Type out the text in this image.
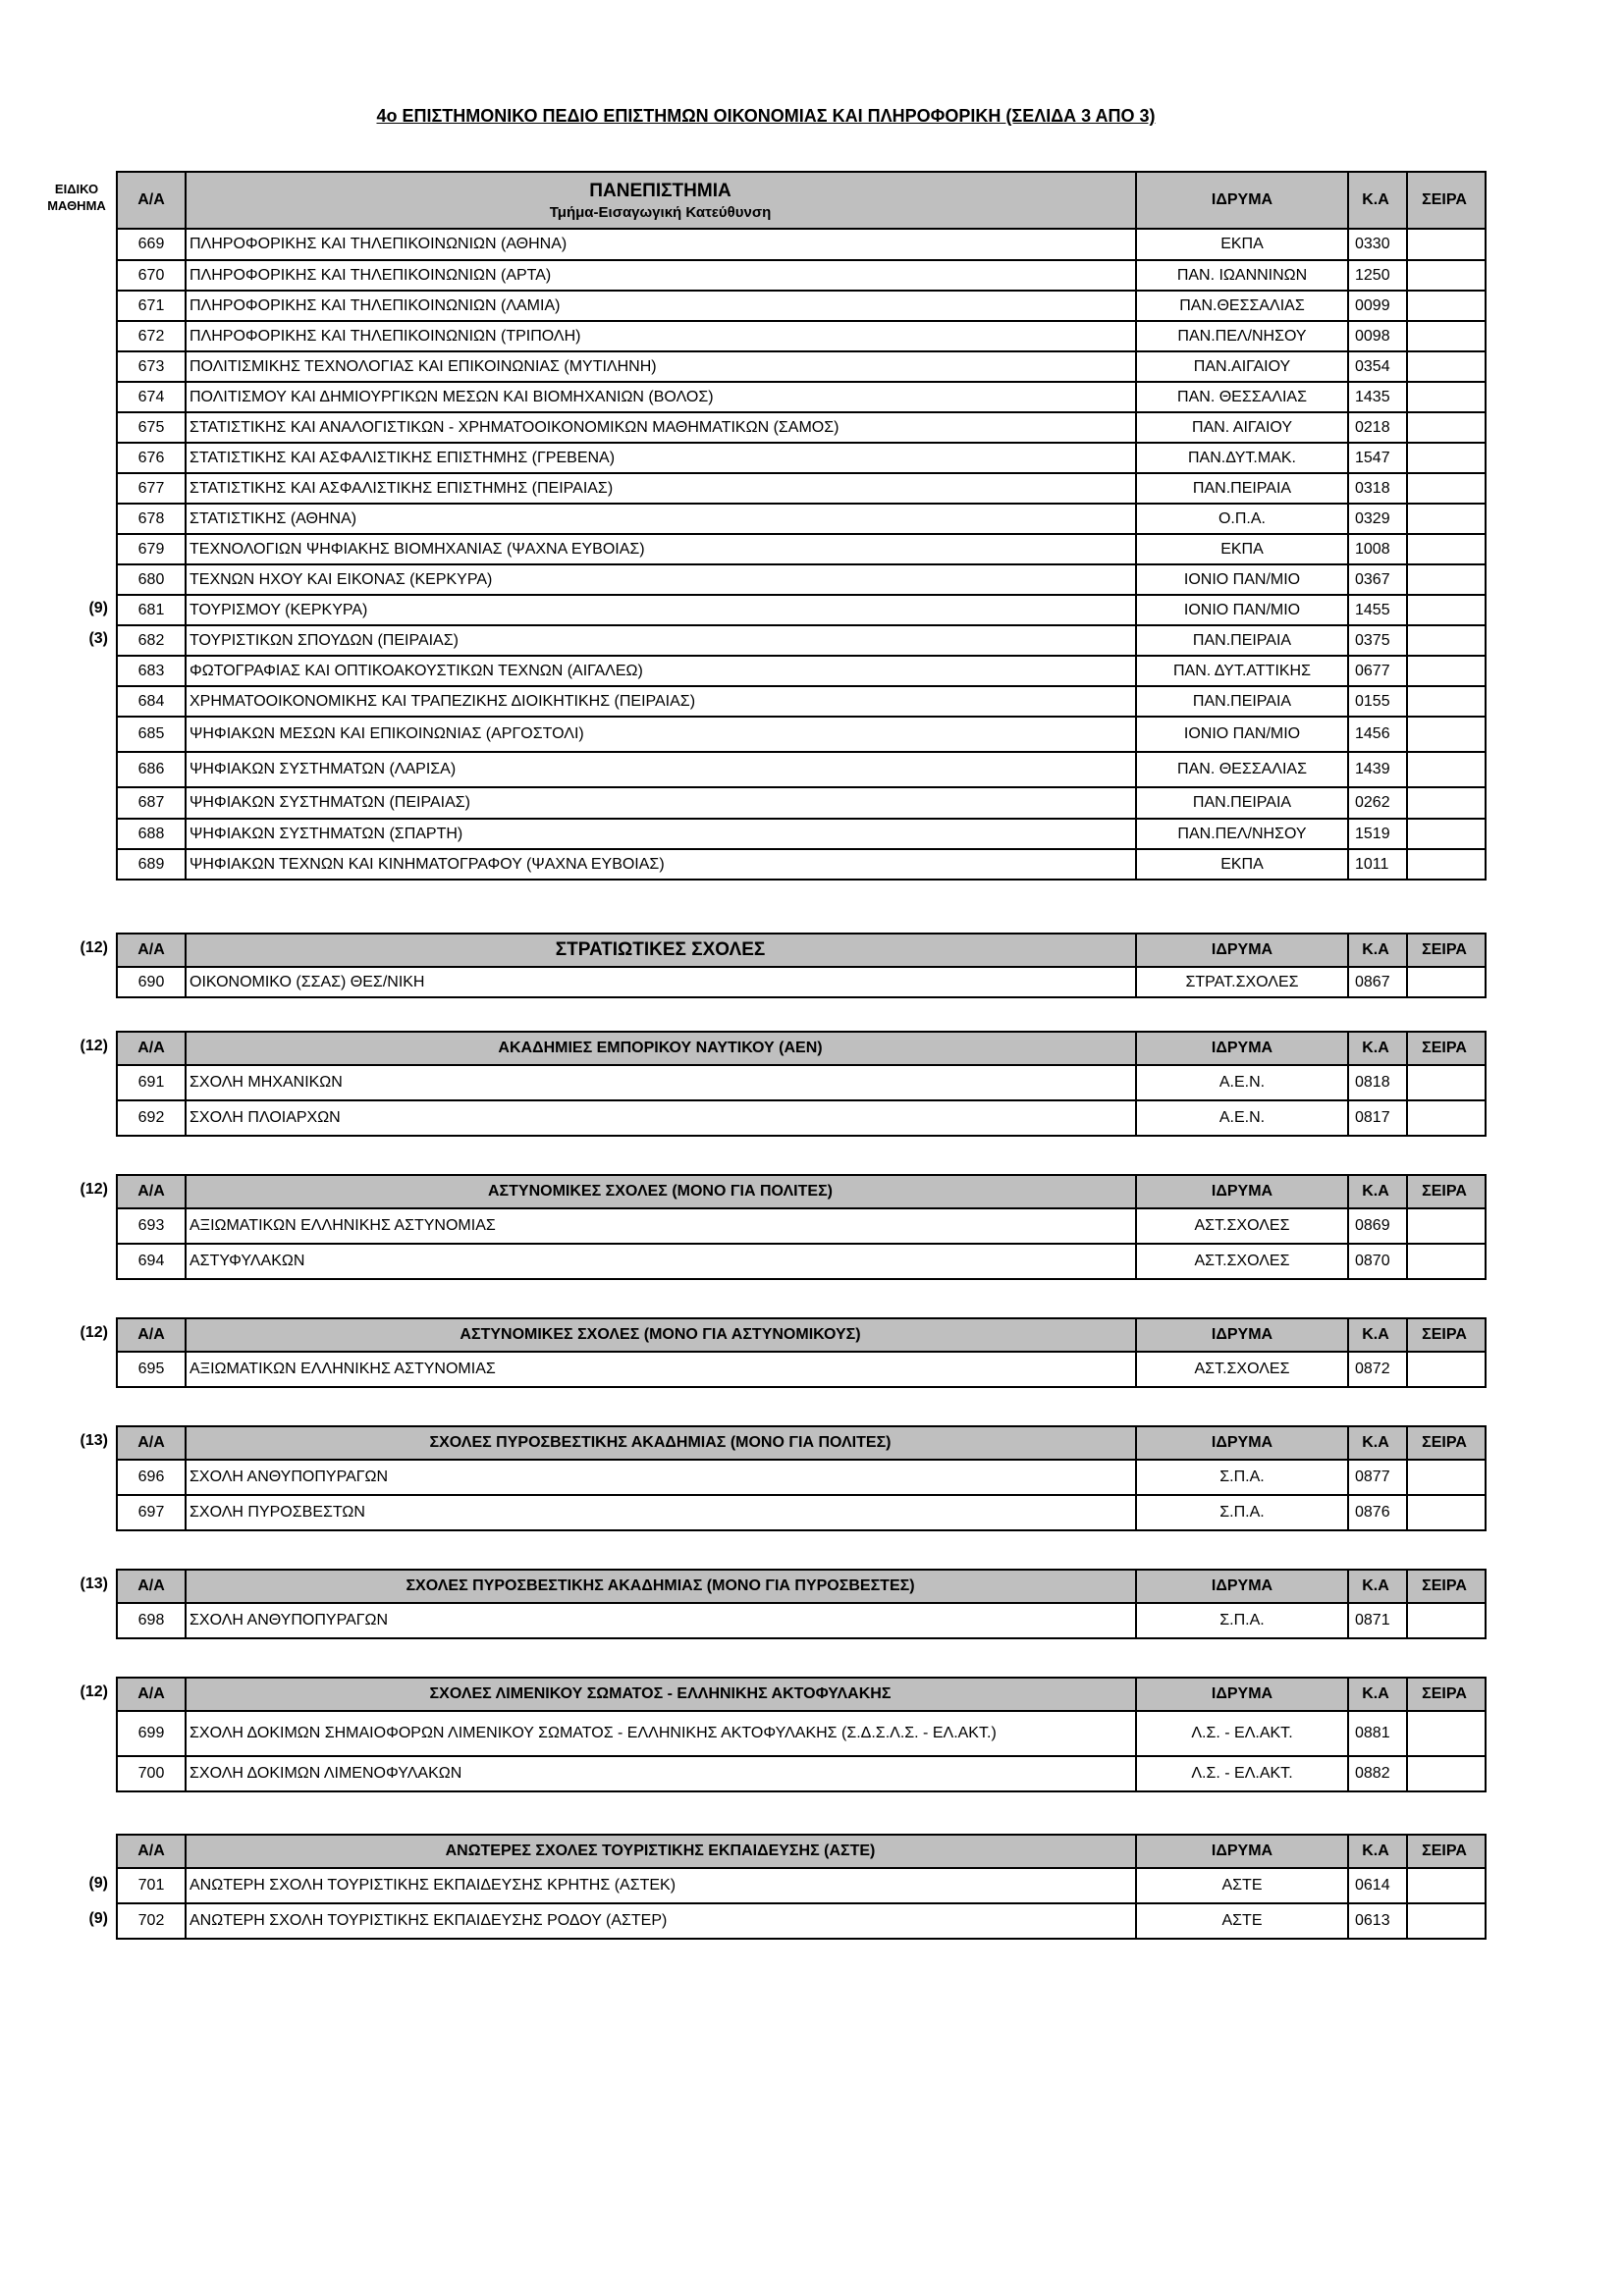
4ο ΕΠΙΣΤΗΜΟΝΙΚΟ ΠΕΔΙΟ ΕΠΙΣΤΗΜΩΝ ΟΙΚΟΝΟΜΙΑΣ ΚΑΙ ΠΛΗΡΟΦΟΡΙΚΗ (ΣΕΛΙΔΑ 3 ΑΠΟ 3)
ΕΙΔΙΚΟ
ΜΑΘΗΜΑ
(9)
(3)
Α/Α	ΠΑΝΕΠΙΣΤΗΜΙΑ
Τμήμα-Εισαγωγική Κατεύθυνση	ΙΔΡΥΜΑ	Κ.Α	ΣΕΙΡΑ
669	ΠΛΗΡΟΦΟΡΙΚΗΣ ΚΑΙ ΤΗΛΕΠΙΚΟΙΝΩΝΙΩΝ (ΑΘΗΝΑ)	ΕΚΠΑ	0330	
670	ΠΛΗΡΟΦΟΡΙΚΗΣ ΚΑΙ ΤΗΛΕΠΙΚΟΙΝΩΝΙΩΝ (ΑΡΤΑ)	ΠΑΝ. ΙΩΑΝΝΙΝΩΝ	1250	
671	ΠΛΗΡΟΦΟΡΙΚΗΣ ΚΑΙ ΤΗΛΕΠΙΚΟΙΝΩΝΙΩΝ (ΛΑΜΙΑ)	ΠΑΝ.ΘΕΣΣΑΛΙΑΣ	0099	
672	ΠΛΗΡΟΦΟΡΙΚΗΣ ΚΑΙ ΤΗΛΕΠΙΚΟΙΝΩΝΙΩΝ (ΤΡΙΠΟΛΗ)	ΠΑΝ.ΠΕΛ/ΝΗΣΟΥ	0098	
673	ΠΟΛΙΤΙΣΜΙΚΗΣ ΤΕΧΝΟΛΟΓΙΑΣ ΚΑΙ ΕΠΙΚΟΙΝΩΝΙΑΣ (ΜΥΤΙΛΗΝΗ)	ΠΑΝ.ΑΙΓΑΙΟΥ	0354	
674	ΠΟΛΙΤΙΣΜΟΥ ΚΑΙ ΔΗΜΙΟΥΡΓΙΚΩΝ ΜΕΣΩΝ ΚΑΙ ΒΙΟΜΗΧΑΝΙΩΝ (ΒΟΛΟΣ)	ΠΑΝ. ΘΕΣΣΑΛΙΑΣ	1435	
675	ΣΤΑΤΙΣΤΙΚΗΣ ΚΑΙ ΑΝΑΛΟΓΙΣΤΙΚΩΝ - ΧΡΗΜΑΤΟΟΙΚΟΝΟΜΙΚΩΝ ΜΑΘΗΜΑΤΙΚΩΝ (ΣΑΜΟΣ)	ΠΑΝ. ΑΙΓΑΙΟΥ	0218	
676	ΣΤΑΤΙΣΤΙΚΗΣ ΚΑΙ ΑΣΦΑΛΙΣΤΙΚΗΣ ΕΠΙΣΤΗΜΗΣ (ΓΡΕΒΕΝΑ)	ΠΑΝ.ΔΥΤ.ΜΑΚ.	1547	
677	ΣΤΑΤΙΣΤΙΚΗΣ ΚΑΙ ΑΣΦΑΛΙΣΤΙΚΗΣ ΕΠΙΣΤΗΜΗΣ (ΠΕΙΡΑΙΑΣ)	ΠΑΝ.ΠΕΙΡΑΙΑ	0318	
678	ΣΤΑΤΙΣΤΙΚΗΣ (ΑΘΗΝΑ)	Ο.Π.Α.	0329	
679	ΤΕΧΝΟΛΟΓΙΩΝ ΨΗΦΙΑΚΗΣ ΒΙΟΜΗΧΑΝΙΑΣ (ΨΑΧΝΑ ΕΥΒΟΙΑΣ)	ΕΚΠΑ	1008	
680	ΤΕΧΝΩΝ ΗΧΟΥ ΚΑΙ ΕΙΚΟΝΑΣ (ΚΕΡΚΥΡΑ)	ΙΟΝΙΟ ΠΑΝ/ΜΙΟ	0367	
681	ΤΟΥΡΙΣΜΟΥ (ΚΕΡΚΥΡΑ)	ΙΟΝΙΟ ΠΑΝ/ΜΙΟ	1455	
682	ΤΟΥΡΙΣΤΙΚΩΝ ΣΠΟΥΔΩΝ (ΠΕΙΡΑΙΑΣ)	ΠΑΝ.ΠΕΙΡΑΙΑ	0375	
683	ΦΩΤΟΓΡΑΦΙΑΣ ΚΑΙ ΟΠΤΙΚΟΑΚΟΥΣΤΙΚΩΝ ΤΕΧΝΩΝ (ΑΙΓΑΛΕΩ)	ΠΑΝ. ΔΥΤ.ΑΤΤΙΚΗΣ	0677	
684	ΧΡΗΜΑΤΟΟΙΚΟΝΟΜΙΚΗΣ ΚΑΙ ΤΡΑΠΕΖΙΚΗΣ ΔΙΟΙΚΗΤΙΚΗΣ (ΠΕΙΡΑΙΑΣ)	ΠΑΝ.ΠΕΙΡΑΙΑ	0155	
685	ΨΗΦΙΑΚΩΝ ΜΕΣΩΝ ΚΑΙ ΕΠΙΚΟΙΝΩΝΙΑΣ (ΑΡΓΟΣΤΟΛΙ)	ΙΟΝΙΟ ΠΑΝ/ΜΙΟ	1456	
686	ΨΗΦΙΑΚΩΝ ΣΥΣΤΗΜΑΤΩΝ (ΛΑΡΙΣΑ)	ΠΑΝ. ΘΕΣΣΑΛΙΑΣ	1439	
687	ΨΗΦΙΑΚΩΝ ΣΥΣΤΗΜΑΤΩΝ (ΠΕΙΡΑΙΑΣ)	ΠΑΝ.ΠΕΙΡΑΙΑ	0262	
688	ΨΗΦΙΑΚΩΝ ΣΥΣΤΗΜΑΤΩΝ (ΣΠΑΡΤΗ)	ΠΑΝ.ΠΕΛ/ΝΗΣΟΥ	1519	
689	ΨΗΦΙΑΚΩΝ ΤΕΧΝΩΝ ΚΑΙ ΚΙΝΗΜΑΤΟΓΡΑΦΟΥ (ΨΑΧΝΑ ΕΥΒΟΙΑΣ)	ΕΚΠΑ	1011	
(12) Α/Α	ΣΤΡΑΤΙΩΤΙΚΕΣ ΣΧΟΛΕΣ	ΙΔΡΥΜΑ	Κ.Α	ΣΕΙΡΑ
690	ΟΙΚΟΝΟΜΙΚΟ (ΣΣΑΣ) ΘΕΣ/ΝΙΚΗ	ΣΤΡΑΤ.ΣΧΟΛΕΣ	0867	
(12) Α/Α	ΑΚΑΔΗΜΙΕΣ ΕΜΠΟΡΙΚΟΥ ΝΑΥΤΙΚΟΥ (ΑΕΝ)	ΙΔΡΥΜΑ	Κ.Α	ΣΕΙΡΑ
691	ΣΧΟΛΗ ΜΗΧΑΝΙΚΩΝ	Α.Ε.Ν.	0818	
692	ΣΧΟΛΗ ΠΛΟΙΑΡΧΩΝ	Α.Ε.Ν.	0817	
(12) Α/Α	ΑΣΤΥΝΟΜΙΚΕΣ ΣΧΟΛΕΣ (ΜΟΝΟ ΓΙΑ ΠΟΛΙΤΕΣ)	ΙΔΡΥΜΑ	Κ.Α	ΣΕΙΡΑ
693	ΑΞΙΩΜΑΤΙΚΩΝ ΕΛΛΗΝΙΚΗΣ ΑΣΤΥΝΟΜΙΑΣ	ΑΣΤ.ΣΧΟΛΕΣ	0869	
694	ΑΣΤΥΦΥΛΑΚΩΝ	ΑΣΤ.ΣΧΟΛΕΣ	0870	
(12) Α/Α	ΑΣΤΥΝΟΜΙΚΕΣ ΣΧΟΛΕΣ (ΜΟΝΟ ΓΙΑ ΑΣΤΥΝΟΜΙΚΟΥΣ)	ΙΔΡΥΜΑ	Κ.Α	ΣΕΙΡΑ
695	ΑΞΙΩΜΑΤΙΚΩΝ ΕΛΛΗΝΙΚΗΣ ΑΣΤΥΝΟΜΙΑΣ	ΑΣΤ.ΣΧΟΛΕΣ	0872	
(13) Α/Α	ΣΧΟΛΕΣ ΠΥΡΟΣΒΕΣΤΙΚΗΣ ΑΚΑΔΗΜΙΑΣ (ΜΟΝΟ ΓΙΑ ΠΟΛΙΤΕΣ)	ΙΔΡΥΜΑ	Κ.Α	ΣΕΙΡΑ
696	ΣΧΟΛΗ ΑΝΘΥΠΟΠΥΡΑΓΩΝ	Σ.Π.Α.	0877	
697	ΣΧΟΛΗ ΠΥΡΟΣΒΕΣΤΩΝ	Σ.Π.Α.	0876	
(13) Α/Α	ΣΧΟΛΕΣ ΠΥΡΟΣΒΕΣΤΙΚΗΣ ΑΚΑΔΗΜΙΑΣ (ΜΟΝΟ ΓΙΑ ΠΥΡΟΣΒΕΣΤΕΣ)	ΙΔΡΥΜΑ	Κ.Α	ΣΕΙΡΑ
698	ΣΧΟΛΗ ΑΝΘΥΠΟΠΥΡΑΓΩΝ	Σ.Π.Α.	0871	
(12) Α/Α	ΣΧΟΛΕΣ ΛΙΜΕΝΙΚΟΥ ΣΩΜΑΤΟΣ - ΕΛΛΗΝΙΚΗΣ ΑΚΤΟΦΥΛΑΚΗΣ	ΙΔΡΥΜΑ	Κ.Α	ΣΕΙΡΑ
699	ΣΧΟΛΗ ΔΟΚΙΜΩΝ ΣΗΜΑΙΟΦΟΡΩΝ ΛΙΜΕΝΙΚΟΥ ΣΩΜΑΤΟΣ - ΕΛΛΗΝΙΚΗΣ ΑΚΤΟΦΥΛΑΚΗΣ (Σ.Δ.Σ.Λ.Σ. - ΕΛ.ΑΚΤ.)	Λ.Σ. - ΕΛ.ΑΚΤ.	0881	
700	ΣΧΟΛΗ ΔΟΚΙΜΩΝ ΛΙΜΕΝΟΦΥΛΑΚΩΝ	Λ.Σ. - ΕΛ.ΑΚΤ.	0882	
(9)
(9)
Α/Α	ΑΝΩΤΕΡΕΣ ΣΧΟΛΕΣ ΤΟΥΡΙΣΤΙΚΗΣ ΕΚΠΑΙΔΕΥΣΗΣ (ΑΣΤΕ)	ΙΔΡΥΜΑ	Κ.Α	ΣΕΙΡΑ
701	ΑΝΩΤΕΡΗ ΣΧΟΛΗ ΤΟΥΡΙΣΤΙΚΗΣ ΕΚΠΑΙΔΕΥΣΗΣ ΚΡΗΤΗΣ (ΑΣΤΕΚ)	ΑΣΤΕ	0614	
702	ΑΝΩΤΕΡΗ ΣΧΟΛΗ ΤΟΥΡΙΣΤΙΚΗΣ ΕΚΠΑΙΔΕΥΣΗΣ ΡΟΔΟΥ (ΑΣΤΕΡ)	ΑΣΤΕ	0613	
